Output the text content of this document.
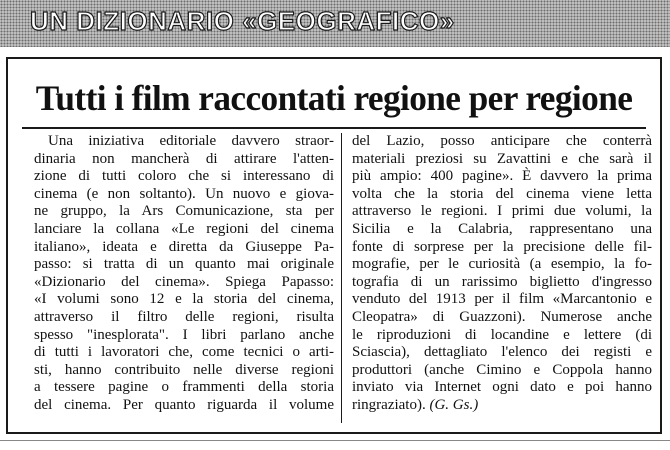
UN DIZIONARIO «GEOGRAFICO»
Tutti i film raccontati regione per regione
Una iniziativa editoriale davvero straor-
dinaria non mancherà di attirare l'atten-
zione di tutti coloro che si interessano di
cinema (e non soltanto). Un nuovo e giova-
ne gruppo, la Ars Comunicazione, sta per
lanciare la collana «Le regioni del cinema
italiano», ideata e diretta da Giuseppe Pa-
passo: si tratta di un quanto mai originale
«Dizionario del cinema». Spiega Papasso:
«I volumi sono 12 e la storia del cinema,
attraverso il filtro delle regioni, risulta
spesso "inesplorata". I libri parlano anche
di tutti i lavoratori che, come tecnici o arti-
sti, hanno contribuito nelle diverse regioni
a tessere pagine o frammenti della storia
del cinema. Per quanto riguarda il volume
del Lazio, posso anticipare che conterrà
materiali preziosi su Zavattini e che sarà il
più ampio: 400 pagine». È davvero la prima
volta che la storia del cinema viene letta
attraverso le regioni. I primi due volumi, la
Sicilia e la Calabria, rappresentano una
fonte di sorprese per la precisione delle fil-
mografie, per le curiosità (a esempio, la fo-
tografia di un rarissimo biglietto d'ingresso
venduto del 1913 per il film «Marcantonio e
Cleopatra» di Guazzoni). Numerose anche
le riproduzioni di locandine e lettere (di
Sciascia), dettagliato l'elenco dei registi e
produttori (anche Cimino e Coppola hanno
inviato via Internet ogni dato e poi hanno
ringraziato). (G. Gs.)
